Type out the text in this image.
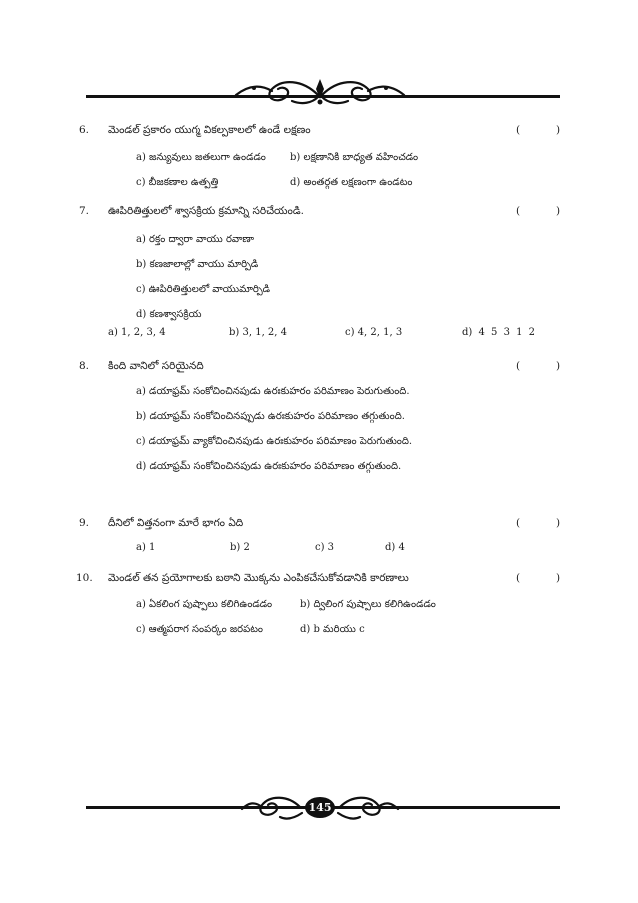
6. మెండల్ ప్రకారం యుగ్మ వికల్పకాలలో ఉండే లక్షణం	(	)
a) జన్యువులు జతలుగా ఉండడం b) లక్షణానికి బాధ్యత వహించడం
c) బీజకణాల ఉత్పత్తి	d) అంతర్గత లక్షణంగా ఉండటం
7. ఊపిరితిత్తులలో శ్వాసక్రియ క్రమాన్ని సరిచేయండి.	(	)
a) రక్తం ద్వారా వాయు రవాణా
b) కణజాలాల్లో వాయు మార్పిడి
c) ఊపిరితిత్తులలో వాయుమార్పిడి
d) కణశ్వాసక్రియ
a) 1, 2, 3, 4	b) 3, 1, 2, 4	c) 4, 2, 1, 3	d) 4 5 3 1 2
8. కింది వానిలో సరియైనది	(	)
a) డయాఫ్రమ్ సంకోచించినపుడు ఉరఃకుహరం పరిమాణం పెరుగుతుంది.
b) డయాఫ్రమ్ సంకోచించినప్పుడు ఉరఃకుహరం పరిమాణం తగ్గుతుంది.
c) డయాఫ్రమ్ వ్యాకోచించినపుడు ఉరఃకుహరం పరిమాణం పెరుగుతుంది.
d) డయాఫ్రమ్ సంకోచించినపుడు ఉరఃకుహరం పరిమాణం తగ్గుతుంది.
9. దీనిలో విత్తనంగా మారే భాగం ఏది	(	)
a) 1	b) 2	c) 3	d) 4
10. మెండల్ తన ప్రయోగాలకు బఠాని మొక్కను ఎంపికచేసుకోవడానికి కారణాలు	(	)
a) ఏకలింగ పుష్పాలు కలిగిఉండడం	b) ద్విలింగ పుష్పాలు కలిగిఉండడం
c) ఆత్మపరాగ సంపర్కం జరపటం	d) b మరియు c
145
